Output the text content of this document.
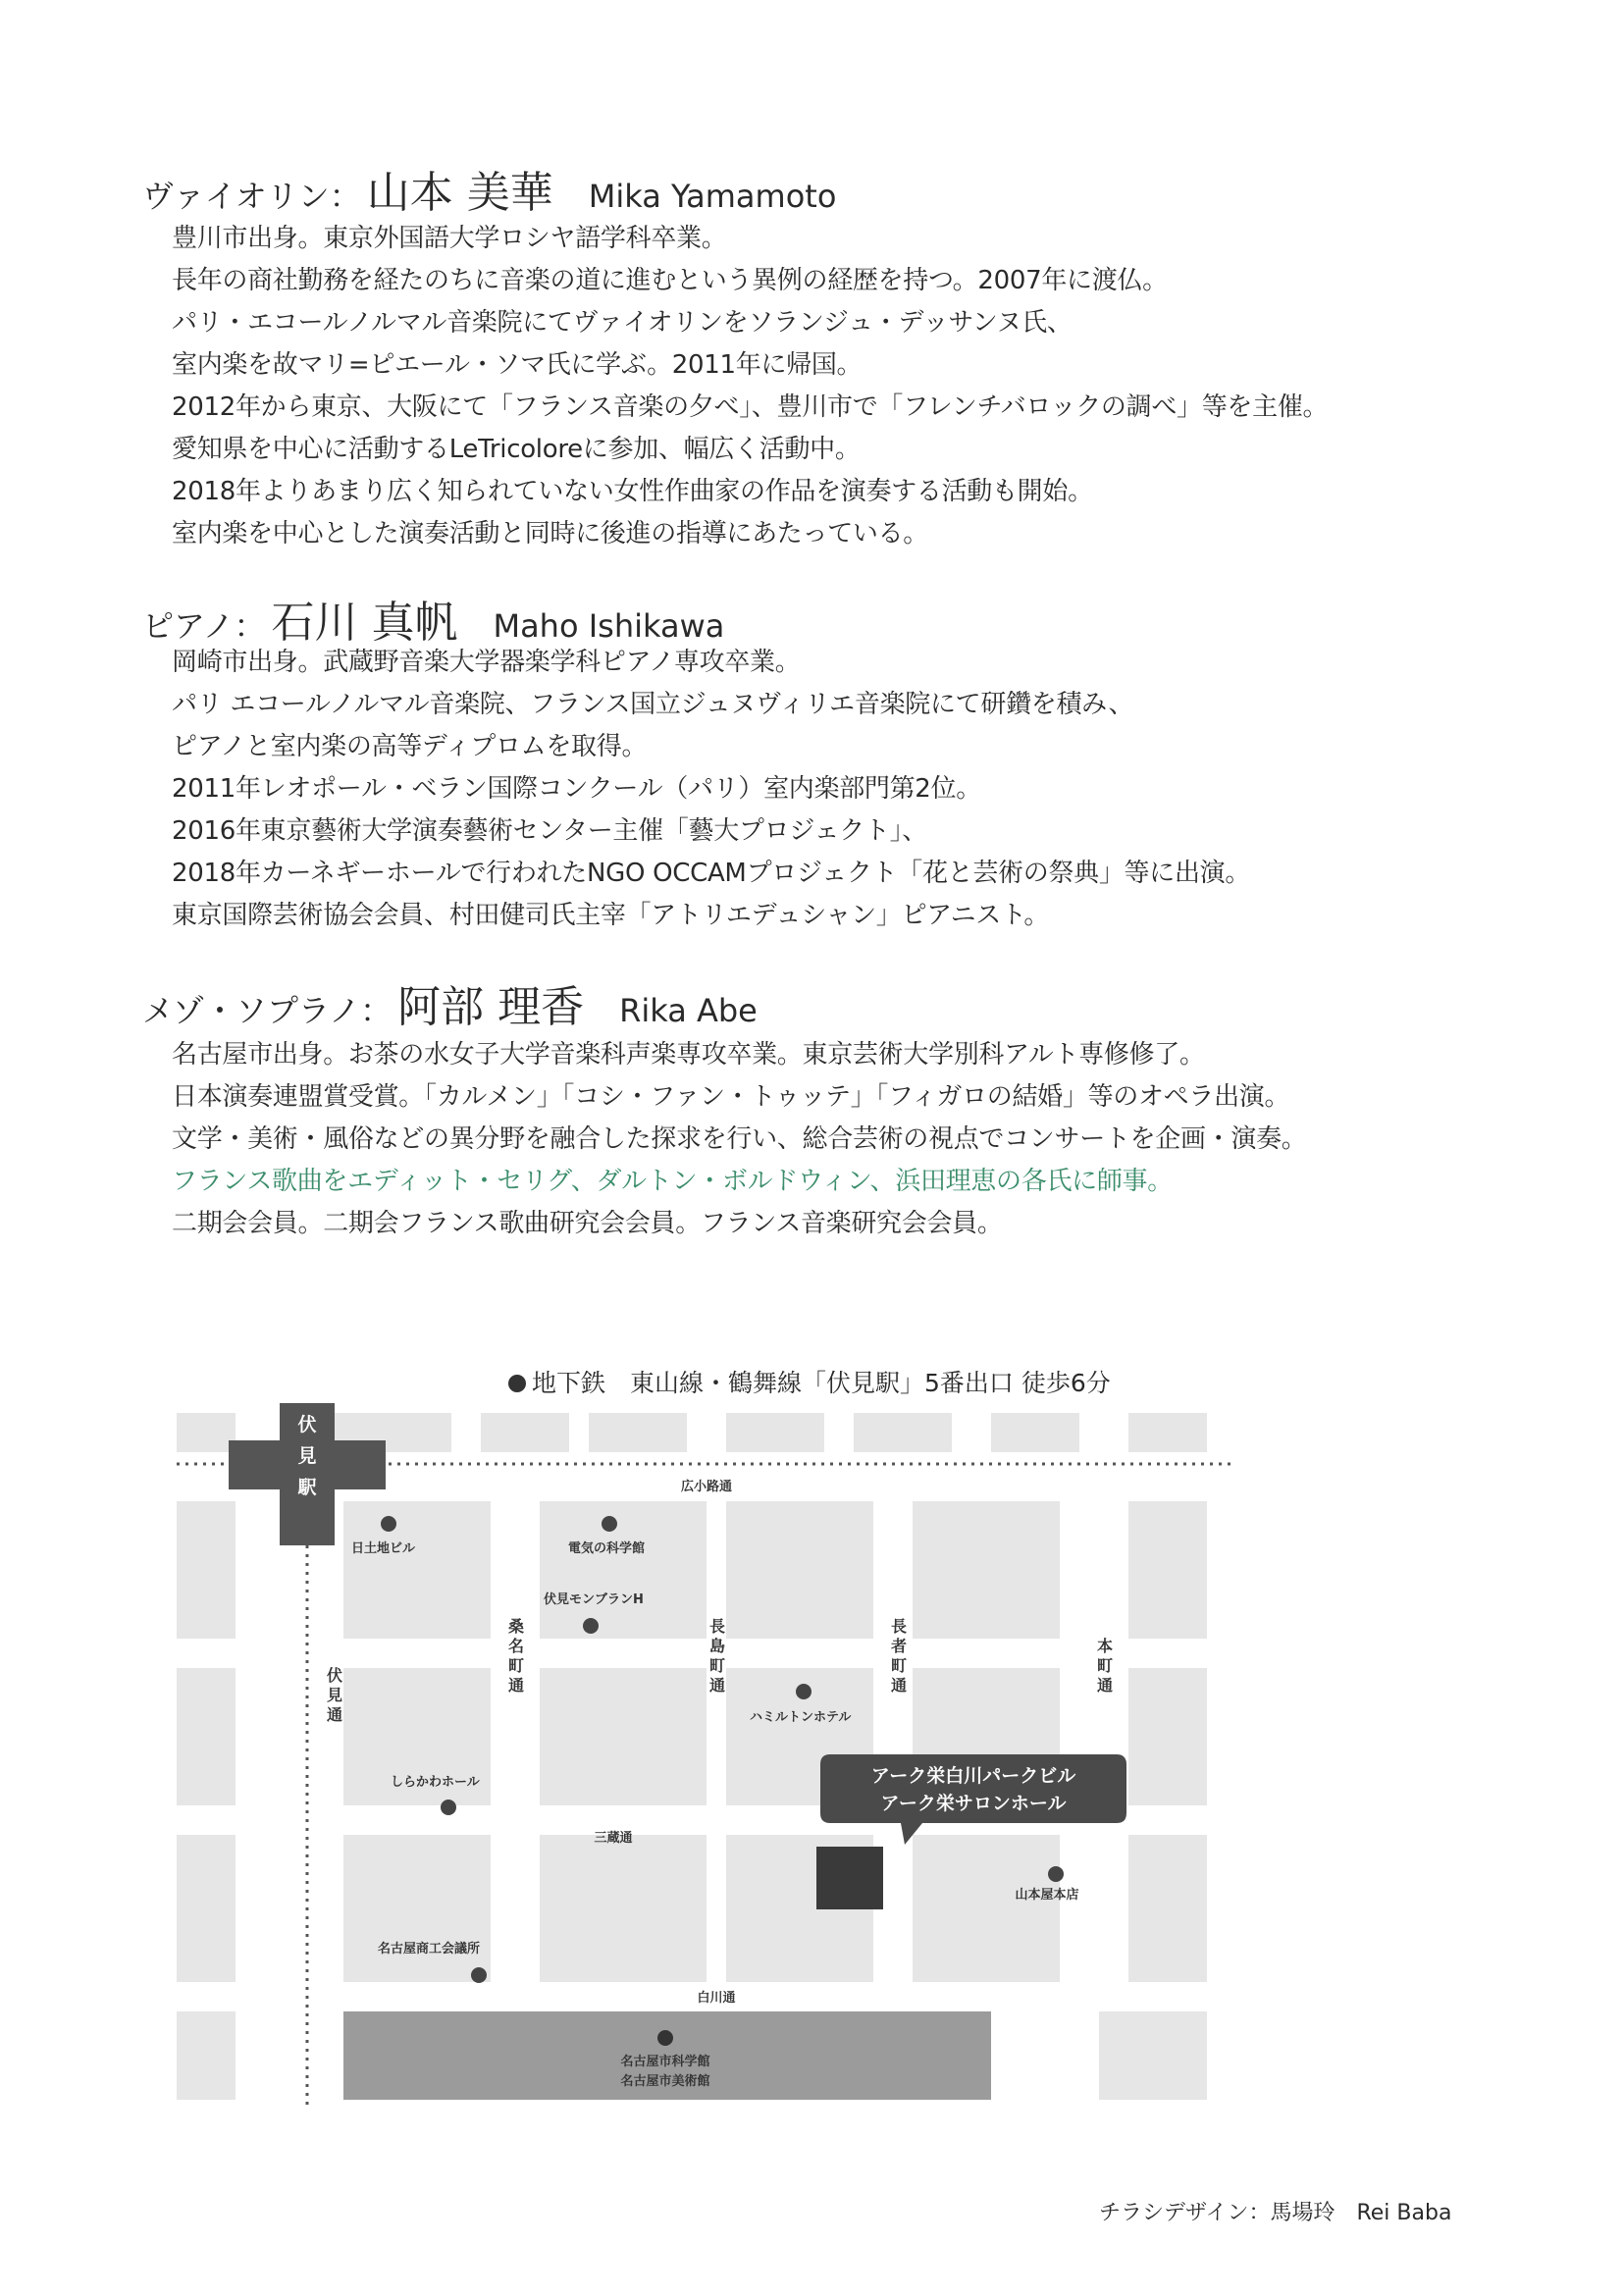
ヴァイオリン： 山本 美華 Mika Yamamoto
豊川市出身。東京外国語大学ロシヤ語学科卒業。
長年の商社勤務を経たのちに音楽の道に進むという異例の経歴を持つ。2007年に渡仏。
パリ・エコールノルマル音楽院にてヴァイオリンをソランジュ・デッサンヌ氏、
室内楽を故マリ=ピエール・ソマ氏に学ぶ。2011年に帰国。
2012年から東京、大阪にて「フランス音楽の夕べ」、豊川市で「フレンチバロックの調べ」等を主催。
愛知県を中心に活動するLeTricoloreに参加、幅広く活動中。
2018年よりあまり広く知られていない女性作曲家の作品を演奏する活動も開始。
室内楽を中心とした演奏活動と同時に後進の指導にあたっている。
ピアノ： 石川 真帆 Maho Ishikawa
岡崎市出身。武蔵野音楽大学器楽学科ピアノ専攻卒業。
パリ エコールノルマル音楽院、フランス国立ジュヌヴィリエ音楽院にて研鑽を積み、
ピアノと室内楽の高等ディプロムを取得。
2011年レオポール・ベラン国際コンクール（パリ）室内楽部門第2位。
2016年東京藝術大学演奏藝術センター主催「藝大プロジェクト」、
2018年カーネギーホールで行われたNGO OCCAMプロジェクト「花と芸術の祭典」等に出演。
東京国際芸術協会会員、村田健司氏主宰「アトリエデュシャン」ピアニスト。
メゾ・ソプラノ： 阿部 理香 Rika Abe
名古屋市出身。お茶の水女子大学音楽科声楽専攻卒業。東京芸術大学別科アルト専修修了。
日本演奏連盟賞受賞。「カルメン」「コシ・ファン・トゥッテ」「フィガロの結婚」等のオペラ出演。
文学・美術・風俗などの異分野を融合した探求を行い、総合芸術の視点でコンサートを企画・演奏。
フランス歌曲をエディット・セリグ、ダルトン・ボルドウィン、浜田理恵の各氏に師事。
二期会会員。二期会フランス歌曲研究会会員。フランス音楽研究会会員。
地下鉄　東山線・鶴舞線「伏見駅」5番出口 徒歩6分
伏
見
駅	広小路通
三蔵通
白川通
伏
見
通
桑
名
町
通
長
島
町
通
長
者
町
通
本
町
通
日土地ビル	電気の科学館
伏見モンブランH
ハミルトンホテル
しらかわホール
名古屋商工会議所
山本屋本店
名古屋市科学館
名古屋市美術館
アーク栄白川パークビル
アーク栄サロンホール
チラシデザイン：馬場玲　Rei Baba
